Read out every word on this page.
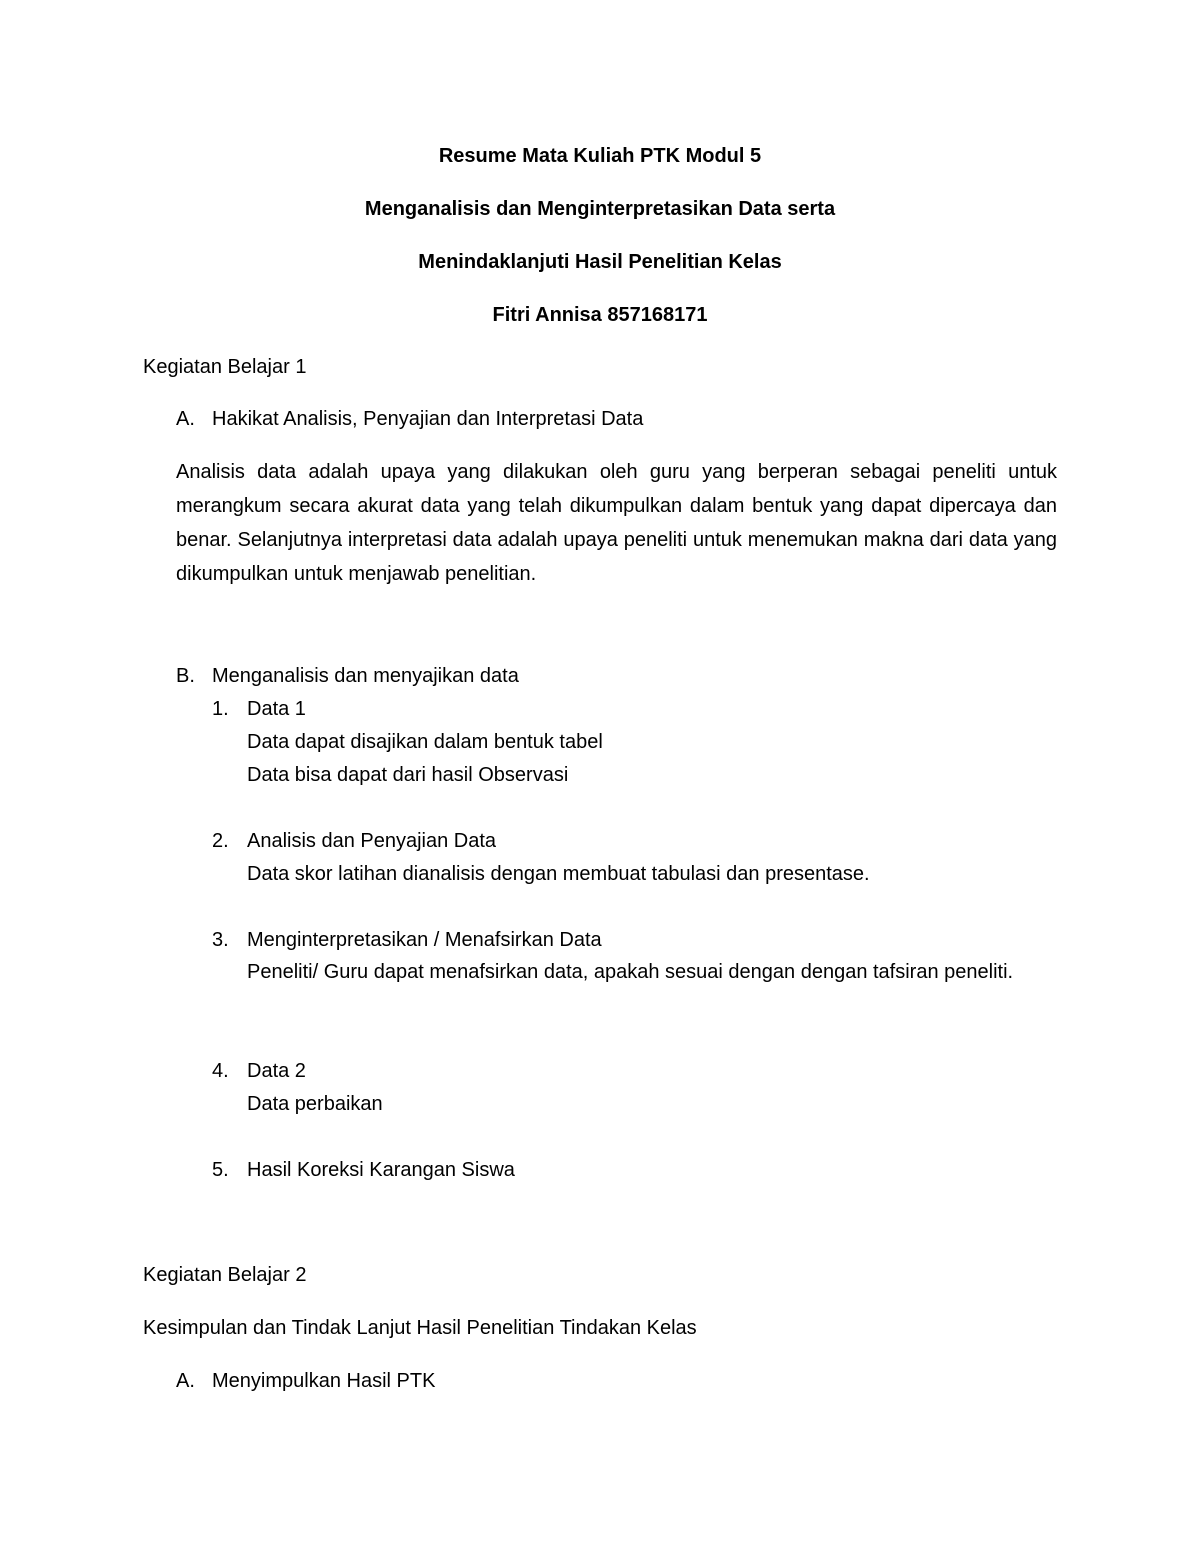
Resume Mata Kuliah PTK Modul 5
Menganalisis dan Menginterpretasikan Data serta
Menindaklanjuti Hasil Penelitian Kelas
Fitri Annisa 857168171
Kegiatan Belajar 1
A. Hakikat Analisis, Penyajian dan Interpretasi Data
Analisis data adalah upaya yang dilakukan oleh guru yang berperan sebagai peneliti untuk merangkum secara akurat data yang telah dikumpulkan dalam bentuk yang dapat dipercaya dan benar. Selanjutnya interpretasi data adalah upaya peneliti untuk menemukan makna dari data yang dikumpulkan untuk menjawab penelitian.
B. Menganalisis dan menyajikan data
1. Data 1
Data dapat disajikan dalam bentuk tabel
Data bisa dapat dari hasil Observasi
2. Analisis dan Penyajian Data
Data skor latihan dianalisis dengan membuat tabulasi dan presentase.
3. Menginterpretasikan / Menafsirkan Data
Peneliti/ Guru dapat menafsirkan data, apakah sesuai dengan dengan tafsiran peneliti.
4. Data 2
Data perbaikan
5. Hasil Koreksi Karangan Siswa
Kegiatan Belajar 2
Kesimpulan dan Tindak Lanjut Hasil Penelitian Tindakan Kelas
A. Menyimpulkan Hasil PTK
